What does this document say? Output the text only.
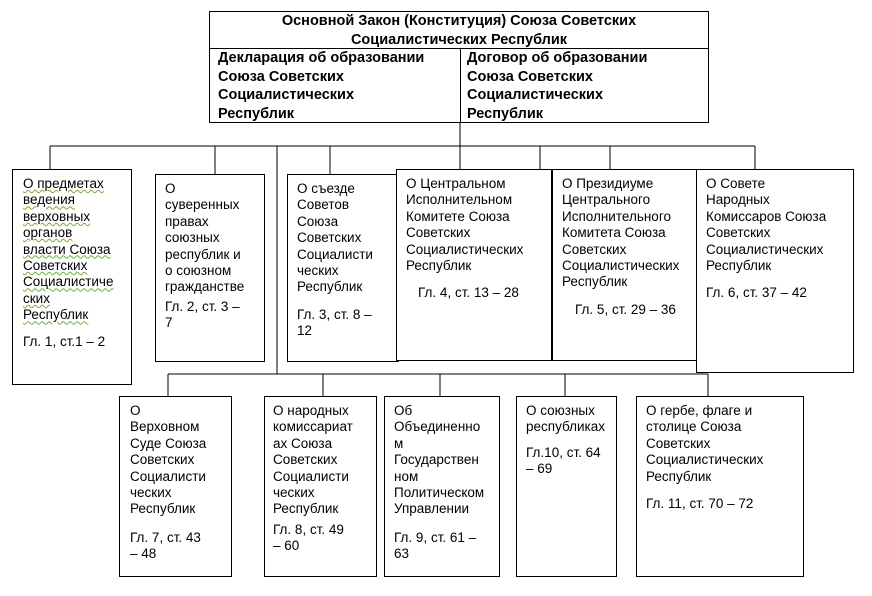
Основной Закон (Конституция) Союза Советских
Социалистических Республик
Декларация об образовании
Союза Советских
Социалистических
Республик
Договор об образовании
Союза Советских
Социалистических
Республик
О предметах
ведения
верховных
органов
власти Союза
Советских
Социалистиче
ских
Республик
Гл. 1, ст.1 – 2
О
суверенных
правах
союзных
республик и
о союзном
гражданстве
Гл. 2, ст. 3 –
7
О съезде
Советов
Союза
Советских
Социалисти
ческих
Республик
Гл. 3, ст. 8 –
12
О Центральном
Исполнительном
Комитете Союза
Советских
Социалистических
Республик
Гл. 4, ст. 13 – 28
О Президиуме
Центрального
Исполнительного
Комитета Союза
Советских
Социалистических
Республик
Гл. 5, ст. 29 – 36
О Совете
Народных
Комиссаров Союза
Советских
Социалистических
Республик
Гл. 6, ст. 37 – 42
О
Верховном
Суде Союза
Советских
Социалисти
ческих
Республик
Гл. 7, ст. 43
– 48
О народных
комиссариат
ах Союза
Советских
Социалисти
ческих
Республик
Гл. 8, ст. 49
– 60
Об
Объединенно
м
Государствен
ном
Политическом
Управлении
Гл. 9, ст. 61 –
63
О союзных
республиках
Гл.10, ст. 64
– 69
О гербе, флаге и
столице Союза
Советских
Социалистических
Республик
Гл. 11, ст. 70 – 72
